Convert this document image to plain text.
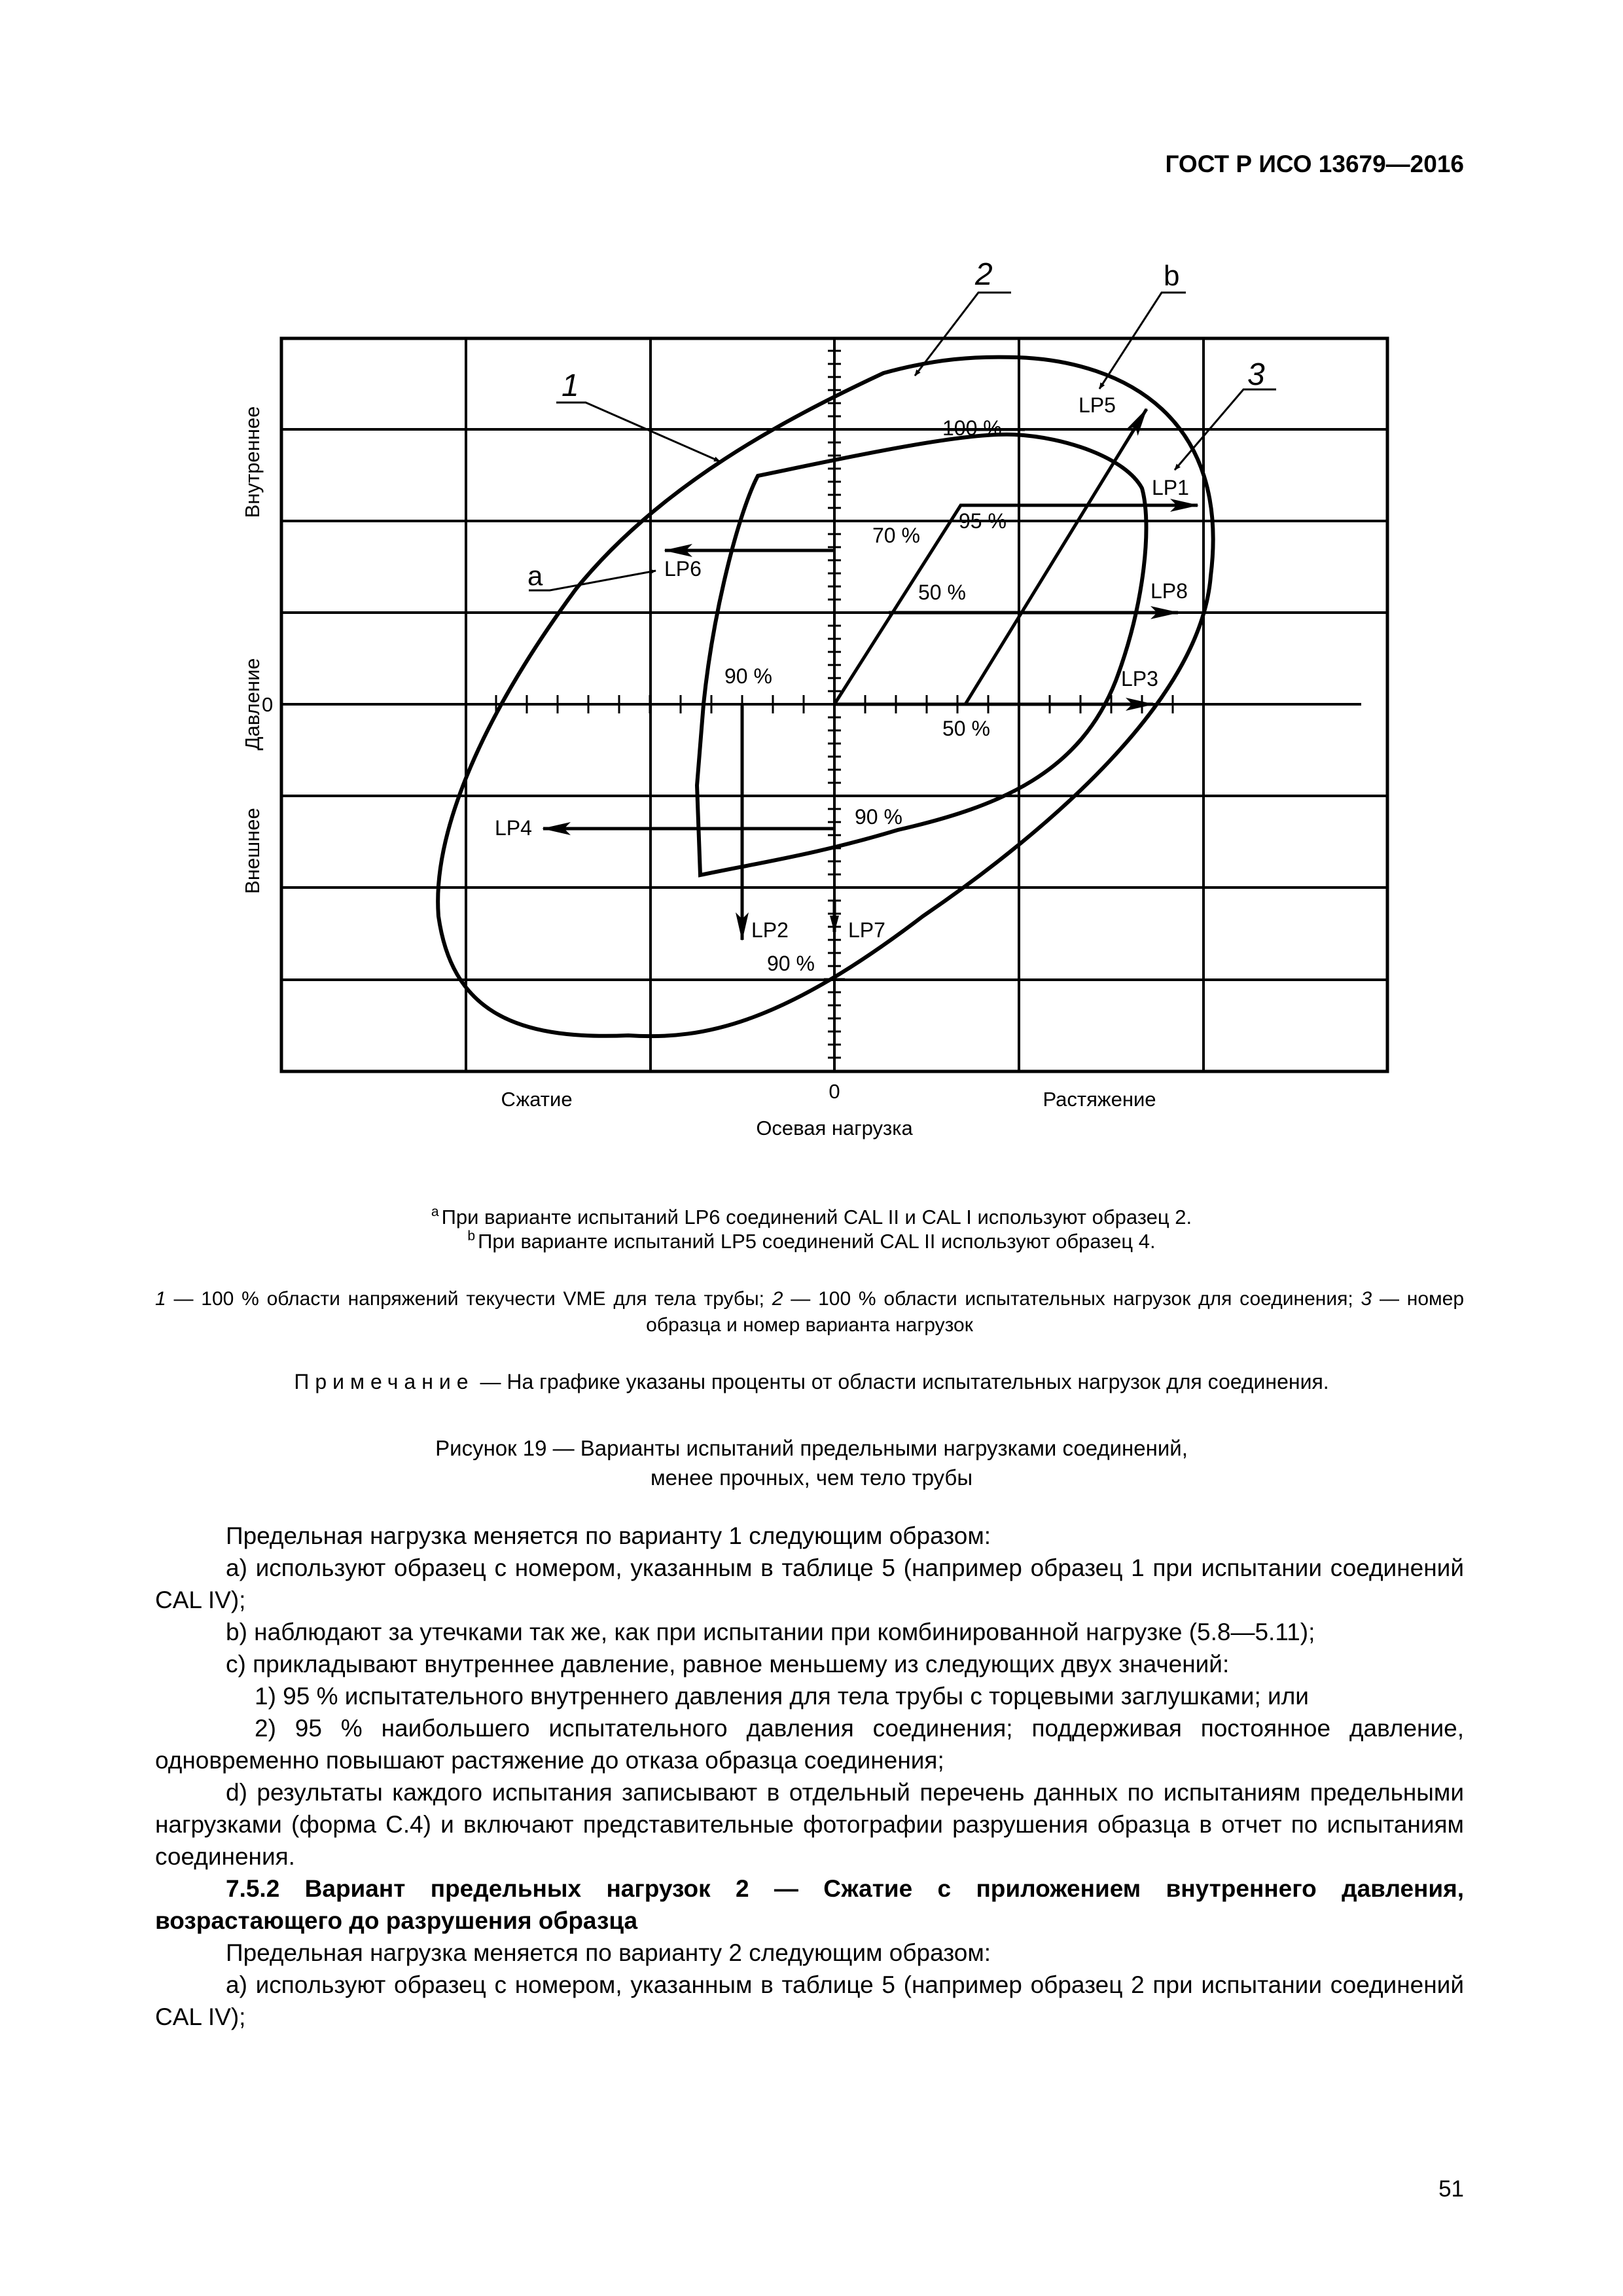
ГОСТ Р ИСО 13679—2016
2
1	3
b
a
LP5
LP1
LP6
LP8
LP3
LP4
LP2	LP7
100 %
95 %
70 %
50 %
90 %
50 %
90 %
90 %
Внутреннее
Давление
Внешнее
0
Сжатие	0	Растяжение
Осевая нагрузка
$^a$ При варианте испытаний LP6 соединений CAL II и CAL I используют образец 2.
$^b$ При варианте испытаний LP5 соединений CAL II используют образец 4.
1 — 100 % области напряжений текучести VME для тела трубы; 2 — 100 % области испытательных нагрузок для соединения; 3 — номер образца и номер варианта нагрузок
Примечание — На графике указаны проценты от области испытательных нагрузок для соединения.
Рисунок 19 — Варианты испытаний предельными нагрузками соединений,
менее прочных, чем тело трубы

Предельная нагрузка меняется по варианту 1 следующим образом:

a) используют образец с номером, указанным в таблице 5 (например образец 1 при испытании соединений CAL IV);

b) наблюдают за утечками так же, как при испытании при комбинированной нагрузке (5.8—5.11);

c) прикладывают внутреннее давление, равное меньшему из следующих двух значений:

1) 95 % испытательного внутреннего давления для тела трубы с торцевыми заглушками; или

2) 95 % наибольшего испытательного давления соединения; поддерживая постоянное давление, одновременно повышают растяжение до отказа образца соединения;

d) результаты каждого испытания записывают в отдельный перечень данных по испытаниям предельными нагрузками (форма С.4) и включают представительные фотографии разрушения образца в отчет по испытаниям соединения.

7.5.2 Вариант предельных нагрузок 2 — Сжатие с приложением внутреннего давления, возрастающего до разрушения образца

Предельная нагрузка меняется по варианту 2 следующим образом:

a) используют образец с номером, указанным в таблице 5 (например образец 2 при испытании соединений CAL IV);

51
